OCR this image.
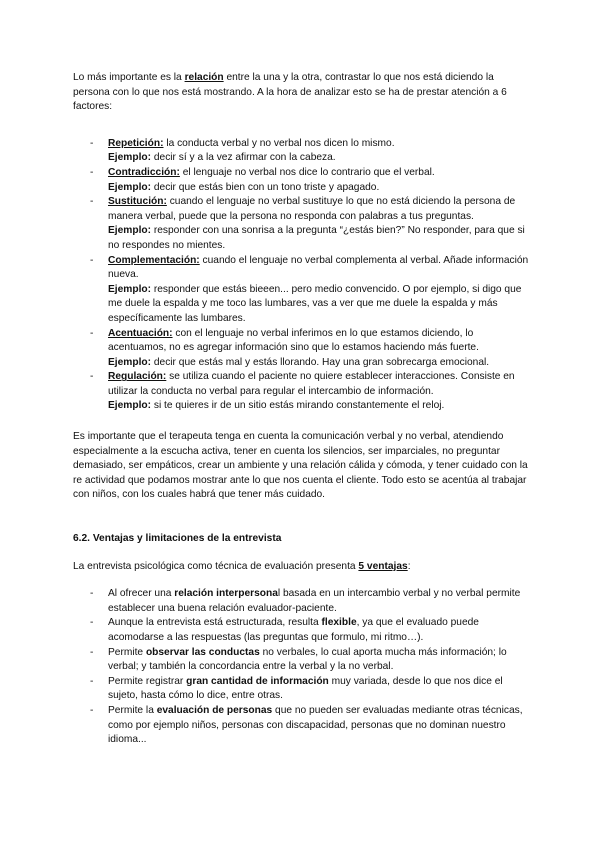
Lo más importante es la relación entre la una y la otra, contrastar lo que nos está diciendo la persona con lo que nos está mostrando. A la hora de analizar esto se ha de prestar atención a 6 factores:

- Repetición: la conducta verbal y no verbal nos dicen lo mismo.
Ejemplo: decir sí y a la vez afirmar con la cabeza.
- Contradicción: el lenguaje no verbal nos dice lo contrario que el verbal.
Ejemplo: decir que estás bien con un tono triste y apagado.
- Sustitución: cuando el lenguaje no verbal sustituye lo que no está diciendo la persona de manera verbal, puede que la persona no responda con palabras a tus preguntas.
Ejemplo: responder con una sonrisa a la pregunta “¿estás bien?” No responder, para que si no respondes no mientes.
- Complementación: cuando el lenguaje no verbal complementa al verbal. Añade información nueva.
Ejemplo: responder que estás bieeen... pero medio convencido. O por ejemplo, si digo que me duele la espalda y me toco las lumbares, vas a ver que me duele la espalda y más específicamente las lumbares.
- Acentuación: con el lenguaje no verbal inferimos en lo que estamos diciendo, lo acentuamos, no es agregar información sino que lo estamos haciendo más fuerte.
Ejemplo: decir que estás mal y estás llorando. Hay una gran sobrecarga emocional.
- Regulación: se utiliza cuando el paciente no quiere establecer interacciones. Consiste en utilizar la conducta no verbal para regular el intercambio de información.
Ejemplo: si te quieres ir de un sitio estás mirando constantemente el reloj.

Es importante que el terapeuta tenga en cuenta la comunicación verbal y no verbal, atendiendo especialmente a la escucha activa, tener en cuenta los silencios, ser imparciales, no preguntar demasiado, ser empáticos, crear un ambiente y una relación cálida y cómoda, y tener cuidado con la re actividad que podamos mostrar ante lo que nos cuenta el cliente. Todo esto se acentúa al trabajar con niños, con los cuales habrá que tener más cuidado.

6.2. Ventajas y limitaciones de la entrevista

La entrevista psicológica como técnica de evaluación presenta 5 ventajas:

- Al ofrecer una relación interpersonal basada en un intercambio verbal y no verbal permite establecer una buena relación evaluador-paciente.
- Aunque la entrevista está estructurada, resulta flexible, ya que el evaluado puede acomodarse a las respuestas (las preguntas que formulo, mi ritmo…).
- Permite observar las conductas no verbales, lo cual aporta mucha más información; lo verbal; y también la concordancia entre la verbal y la no verbal.
- Permite registrar gran cantidad de información muy variada, desde lo que nos dice el sujeto, hasta cómo lo dice, entre otras.
- Permite la evaluación de personas que no pueden ser evaluadas mediante otras técnicas, como por ejemplo niños, personas con discapacidad, personas que no dominan nuestro idioma...
